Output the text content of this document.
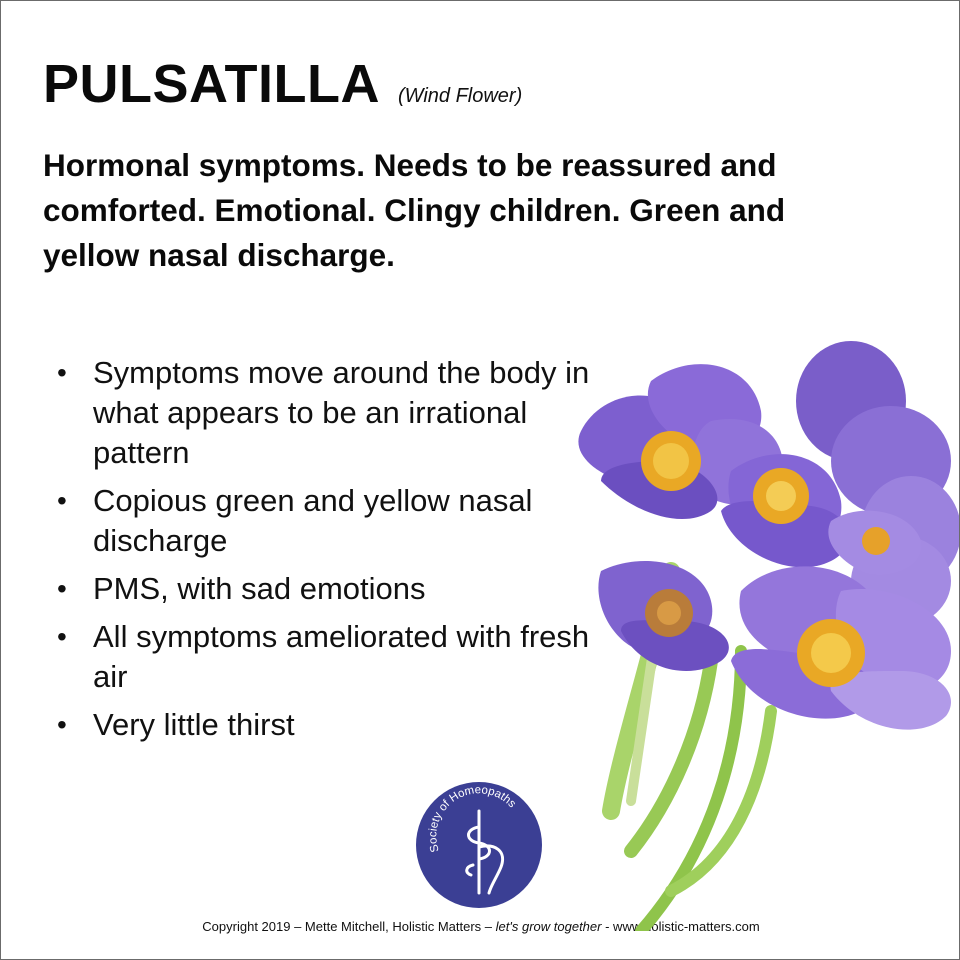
PULSATILLA (Wind Flower)

Hormonal symptoms. Needs to be reassured and comforted. Emotional. Clingy children. Green and yellow nasal discharge.

• Symptoms move around the body in what appears to be an irrational pattern
• Copious green and yellow nasal discharge
• PMS, with sad emotions
• All symptoms ameliorated with fresh air
• Very little thirst
Society of Homeopaths
Copyright 2019 – Mette Mitchell, Holistic Matters – let's grow together - www.holistic-matters.com
